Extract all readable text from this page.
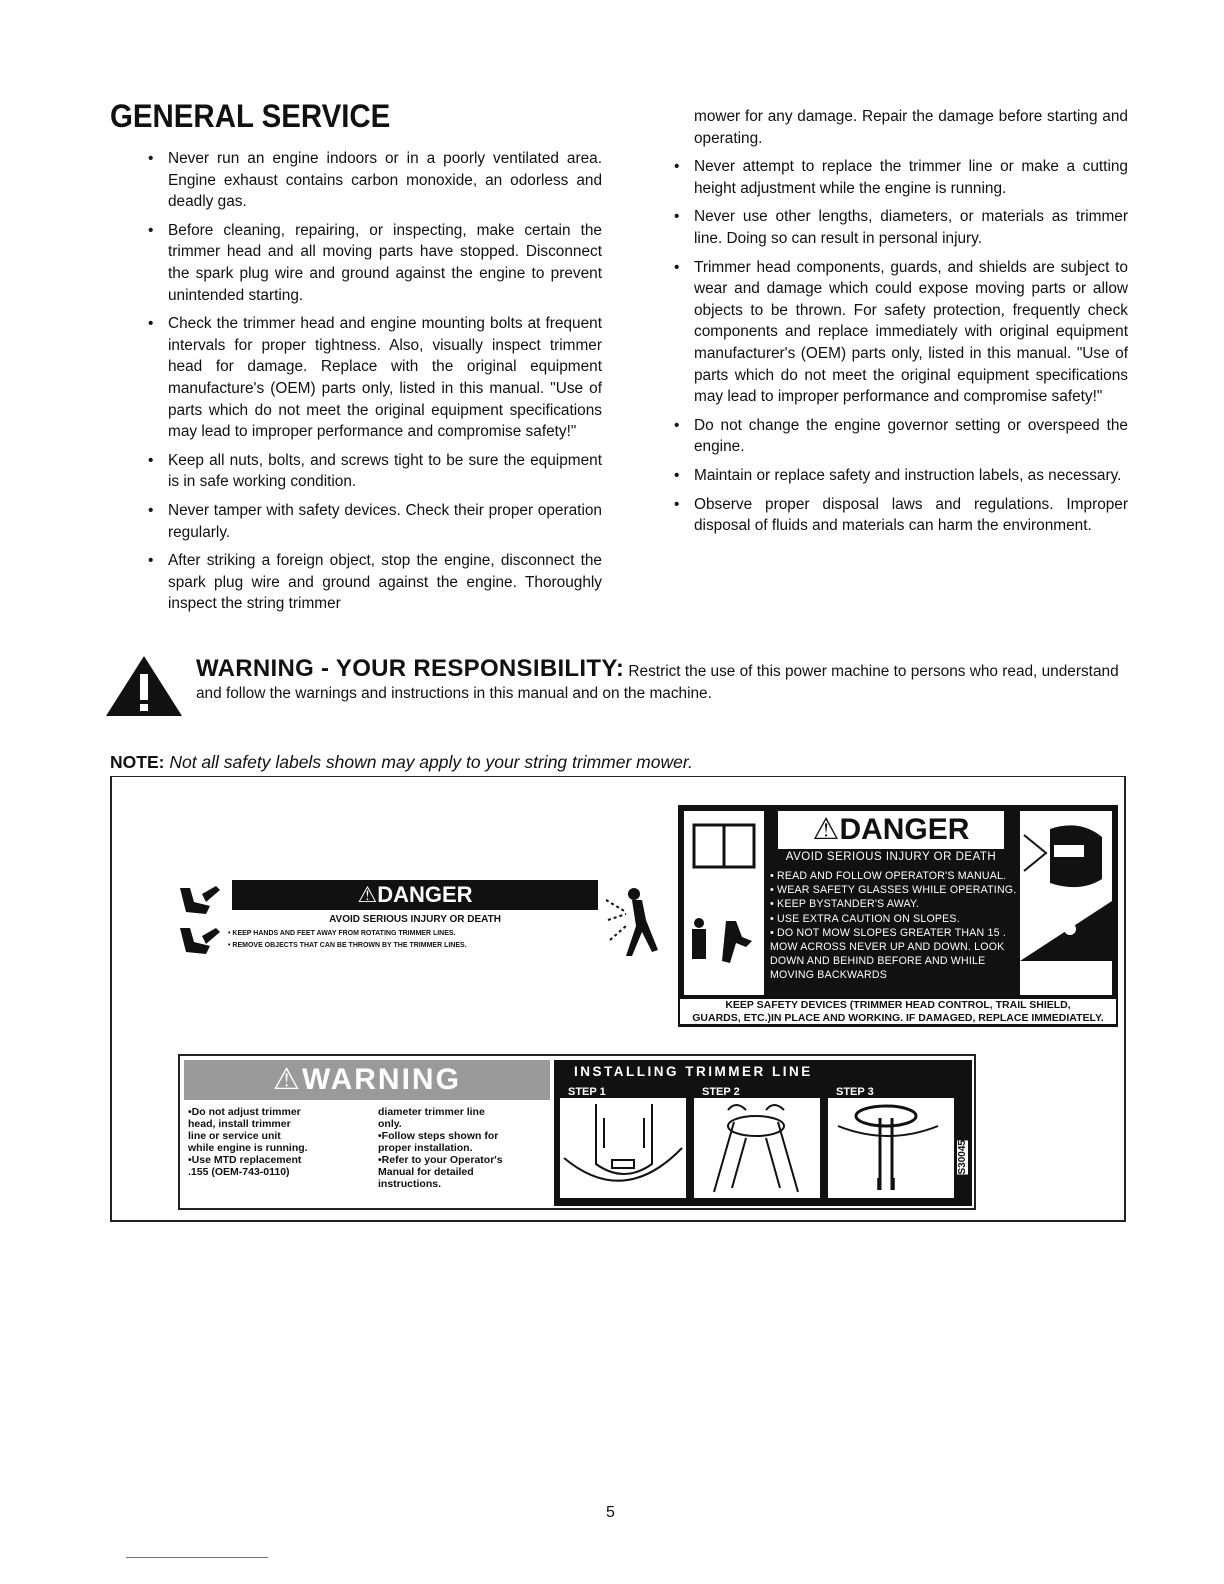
GENERAL SERVICE
• Never run an engine indoors or in a poorly ventilated area. Engine exhaust contains carbon monoxide, an odorless and deadly gas.
• Before cleaning, repairing, or inspecting, make certain the trimmer head and all moving parts have stopped. Disconnect the spark plug wire and ground against the engine to prevent unintended starting.
• Check the trimmer head and engine mounting bolts at frequent intervals for proper tightness. Also, visually inspect trimmer head for damage. Replace with the original equipment manufacture's (OEM) parts only, listed in this manual. "Use of parts which do not meet the original equipment specifications may lead to improper performance and compromise safety!"
• Keep all nuts, bolts, and screws tight to be sure the equipment is in safe working condition.
• Never tamper with safety devices. Check their proper operation regularly.
• After striking a foreign object, stop the engine, disconnect the spark plug wire and ground against the engine. Thoroughly inspect the string trimmer
mower for any damage. Repair the damage before starting and operating.
• Never attempt to replace the trimmer line or make a cutting height adjustment while the engine is running.
• Never use other lengths, diameters, or materials as trimmer line. Doing so can result in personal injury.
• Trimmer head components, guards, and shields are subject to wear and damage which could expose moving parts or allow objects to be thrown. For safety protection, frequently check components and replace immediately with original equipment manufacturer's (OEM) parts only, listed in this manual. "Use of parts which do not meet the original equipment specifications may lead to improper performance and compromise safety!"
• Do not change the engine governor setting or overspeed the engine.
• Maintain or replace safety and instruction labels, as necessary.
• Observe proper disposal laws and regulations. Improper disposal of fluids and materials can harm the environment.
WARNING - YOUR RESPONSIBILITY: Restrict the use of this power machine to persons who read, understand and follow the warnings and instructions in this manual and on the machine.
NOTE: Not all safety labels shown may apply to your string trimmer mower.
⚠DANGER
AVOID SERIOUS INJURY OR DEATH
• KEEP HANDS AND FEET AWAY FROM ROTATING TRIMMER LINES.
• REMOVE OBJECTS THAT CAN BE THROWN BY THE TRIMMER LINES.
⚠DANGER
AVOID SERIOUS INJURY OR DEATH
• READ AND FOLLOW OPERATOR'S MANUAL.
• WEAR SAFETY GLASSES WHILE OPERATING.
• KEEP BYSTANDER'S AWAY.
• USE EXTRA CAUTION ON SLOPES.
• DO NOT MOW SLOPES GREATER THAN 15 .
MOW ACROSS NEVER UP AND DOWN. LOOK
DOWN AND BEHIND BEFORE AND WHILE
MOVING BACKWARDS	MAX 15
KEEP SAFETY DEVICES (TRIMMER HEAD CONTROL, TRAIL SHIELD,
GUARDS, ETC.)IN PLACE AND WORKING. IF DAMAGED, REPLACE IMMEDIATELY.
⚠WARNING
•Do not adjust trimmer
head, install trimmer
line or service unit
while engine is running.
•Use MTD replacement
.155 (OEM-743-0110)
diameter trimmer line
only.
•Follow steps shown for
proper installation.
•Refer to your Operator's
Manual for detailed
instructions.
INSTALLING TRIMMER LINE
STEP 1	STEP 2	STEP 3
S30045
5
